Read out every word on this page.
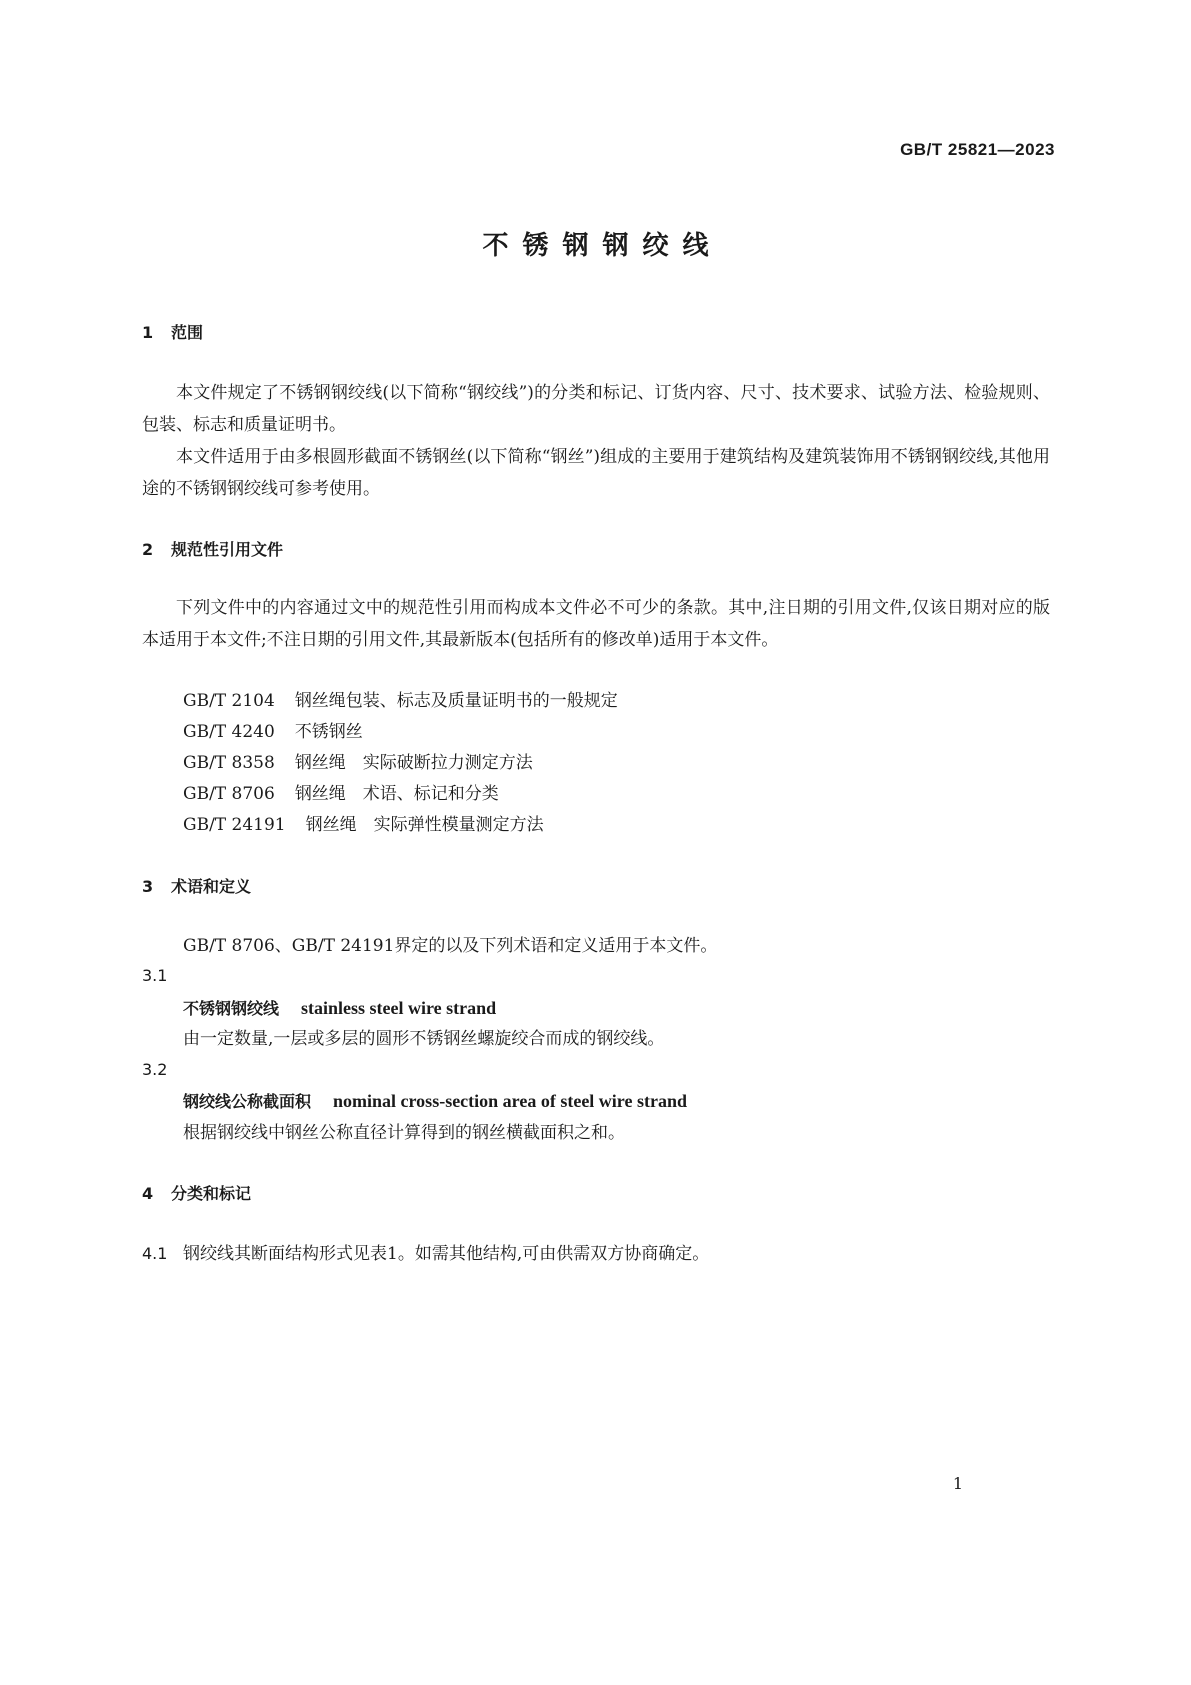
GB/T 25821—2023
不锈钢钢绞线
1 范围

本文件规定了不锈钢钢绞线(以下简称“钢绞线”)的分类和标记、订货内容、尺寸、技术要求、试验方法、检验规则、包装、标志和质量证明书。

本文件适用于由多根圆形截面不锈钢丝(以下简称“钢丝”)组成的主要用于建筑结构及建筑装饰用不锈钢钢绞线,其他用途的不锈钢钢绞线可参考使用。

2 规范性引用文件

下列文件中的内容通过文中的规范性引用而构成本文件必不可少的条款。其中,注日期的引用文件,仅该日期对应的版本适用于本文件;不注日期的引用文件,其最新版本(包括所有的修改单)适用于本文件。

GB/T 2104 钢丝绳包装、标志及质量证明书的一般规定
GB/T 4240 不锈钢丝
GB/T 8358 钢丝绳　实际破断拉力测定方法
GB/T 8706 钢丝绳　术语、标记和分类
GB/T 24191 钢丝绳　实际弹性模量测定方法
3 术语和定义
GB/T 8706、GB/T 24191界定的以及下列术语和定义适用于本文件。
3.1
不锈钢钢绞线 stainless steel wire strand
由一定数量,一层或多层的圆形不锈钢丝螺旋绞合而成的钢绞线。
3.2
钢绞线公称截面积 nominal cross-section area of steel wire strand
根据钢绞线中钢丝公称直径计算得到的钢丝横截面积之和。
4 分类和标记
4.1 钢绞线其断面结构形式见表1。如需其他结构,可由供需双方协商确定。
1
